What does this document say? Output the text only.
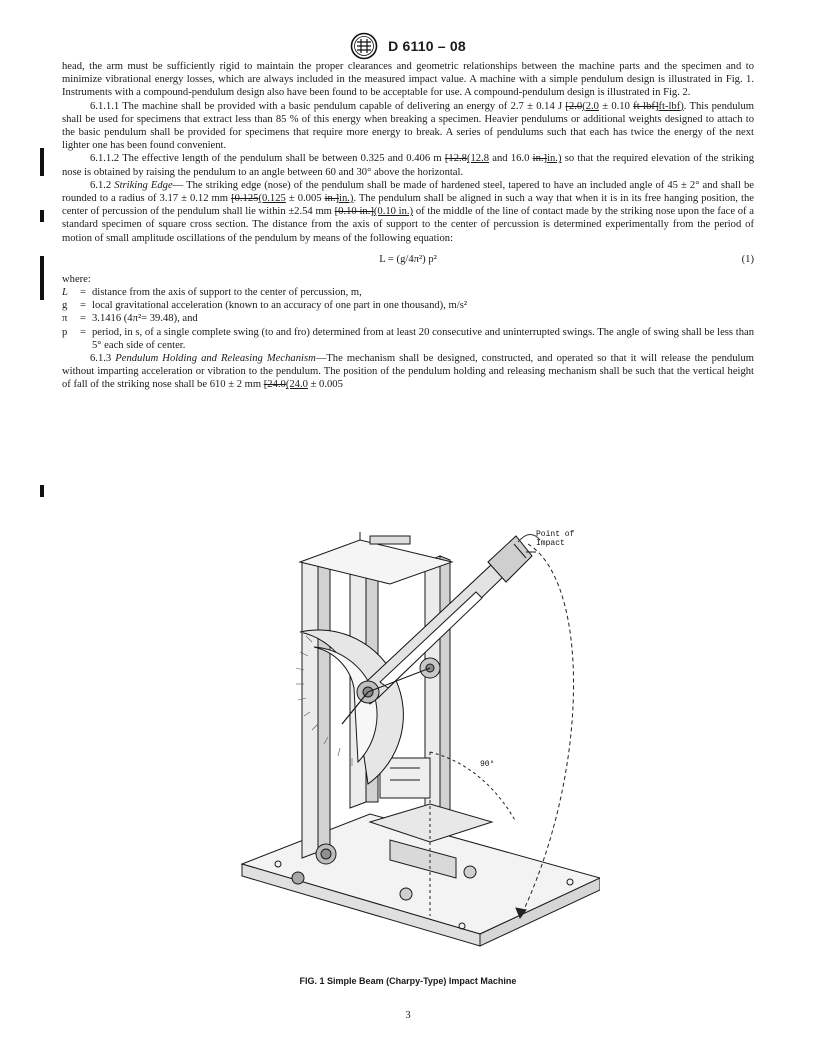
D 6110 – 08

head, the arm must be sufficiently rigid to maintain the proper clearances and geometric relationships between the machine parts and the specimen and to minimize vibrational energy losses, which are always included in the measured impact value. A machine with a simple pendulum design is illustrated in Fig. 1. Instruments with a compound-pendulum design also have been found to be acceptable for use. A compound-pendulum design is illustrated in Fig. 2.

6.1.1.1 The machine shall be provided with a basic pendulum capable of delivering an energy of 2.7 ± 0.14 J [2.0(2.0 ± 0.10 ft-lbf]ft-lbf). This pendulum shall be used for specimens that extract less than 85 % of this energy when breaking a specimen. Heavier pendulums or additional weights designed to attach to the basic pendulum shall be provided for specimens that require more energy to break. A series of pendulums such that each has twice the energy of the next lighter one has been found convenient.

6.1.1.2 The effective length of the pendulum shall be between 0.325 and 0.406 m [12.8(12.8 and 16.0 in.]in.) so that the required elevation of the striking nose is obtained by raising the pendulum to an angle between 60 and 30° above the horizontal.

6.1.2 Striking Edge— The striking edge (nose) of the pendulum shall be made of hardened steel, tapered to have an included angle of 45 ± 2° and shall be rounded to a radius of 3.17 ± 0.12 mm [0.125(0.125 ± 0.005 in.]in.). The pendulum shall be aligned in such a way that when it is in its free hanging position, the center of percussion of the pendulum shall lie within ±2.54 mm [0.10 in.](0.10 in.) of the middle of the line of contact made by the striking nose upon the face of a standard specimen of square cross section. The distance from the axis of support to the center of percussion is determined experimentally from the period of motion of small amplitude oscillations of the pendulum by means of the following equation:

L = (g/4π²) p²	(1)

where:

L	= distance from the axis of support to the center of percussion, m,
g	= local gravitational acceleration (known to an accuracy of one part in one thousand), m/s²
π	= 3.1416 (4π²= 39.48), and
p	= period, in s, of a single complete swing (to and fro) determined from at least 20 consecutive and uninterrupted swings. The angle of swing shall be less than 5° each side of center.

6.1.3 Pendulum Holding and Releasing Mechanism—The mechanism shall be designed, constructed, and operated so that it will release the pendulum without imparting acceleration or vibration to the pendulum. The position of the pendulum holding and releasing mechanism shall be such that the vertical height of fall of the striking nose shall be 610 ± 2 mm [24.0(24.0 ± 0.005

Point of
Impact
90°
FIG. 1 Simple Beam (Charpy-Type) Impact Machine
3
